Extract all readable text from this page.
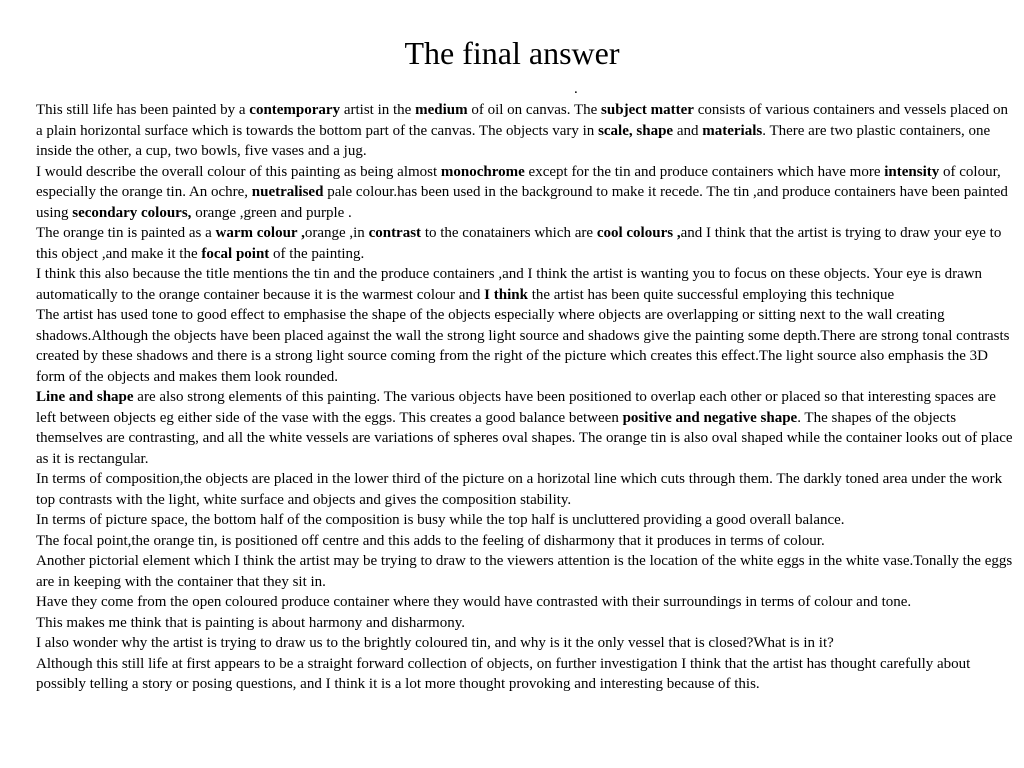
The final answer
.

This still life has been painted by a contemporary artist in the medium of oil on canvas. The subject matter consists of various containers and vessels placed on a plain horizontal surface which is towards the bottom part of the canvas. The objects vary in scale, shape and materials. There are two plastic containers, one inside the other, a cup, two bowls, five vases and a jug.

I would describe the overall colour of this painting as being almost monochrome except for the tin and produce containers which have more intensity of colour, especially the orange tin. An ochre, nuetralised pale colour.has been used in the background to make it recede. The tin ,and produce containers have been painted using secondary colours, orange ,green and purple .

The orange tin is painted as a warm colour ,orange ,in contrast to the conatainers which are cool colours ,and I think that the artist is trying to draw your eye to this object ,and make it the focal point of the painting.

I think this also because the title mentions the tin and the produce containers ,and I think the artist is wanting you to focus on these objects. Your eye is drawn automatically to the orange container because it is the warmest colour and I think the artist has been quite successful employing this technique

The artist has used tone to good effect to emphasise the shape of the objects especially where objects are overlapping or sitting next to the wall creating shadows.Although the objects have been placed against the wall the strong light source and shadows give the painting some depth.There are strong tonal contrasts created by these shadows and there is a strong light source coming from the right of the picture which creates this effect.The light source also emphasis the 3D form of the objects and makes them look rounded.

Line and shape are also strong elements of this painting. The various objects have been positioned to overlap each other or placed so that interesting spaces are left between objects eg either side of the vase with the eggs. This creates a good balance between positive and negative shape. The shapes of the objects themselves are contrasting, and all the white vessels are variations of spheres oval shapes. The orange tin is also oval shaped while the container looks out of place as it is rectangular.

In terms of composition,the objects are placed in the lower third of the picture on a horizotal line which cuts through them. The darkly toned area under the work top contrasts with the light, white surface and objects and gives the composition stability.

In terms of picture space, the bottom half of the composition is busy while the top half is uncluttered providing a good overall balance.

The focal point,the orange tin, is positioned off centre and this adds to the feeling of disharmony that it produces in terms of colour.

Another pictorial element which I think the artist may be trying to draw to the viewers attention is the location of the white eggs in the white vase.Tonally the eggs are in keeping with the container that they sit in.

Have they come from the open coloured produce container where they would have contrasted with their surroundings in terms of colour and tone.

This makes me think that is painting is about harmony and disharmony.

I also wonder why the artist is trying to draw us to the brightly coloured tin, and why is it the only vessel that is closed?What is in it?

Although this still life at first appears to be a straight forward collection of objects, on further investigation I think that the artist has thought carefully about possibly telling a story or posing questions, and I think it is a lot more thought provoking and interesting because of this.
